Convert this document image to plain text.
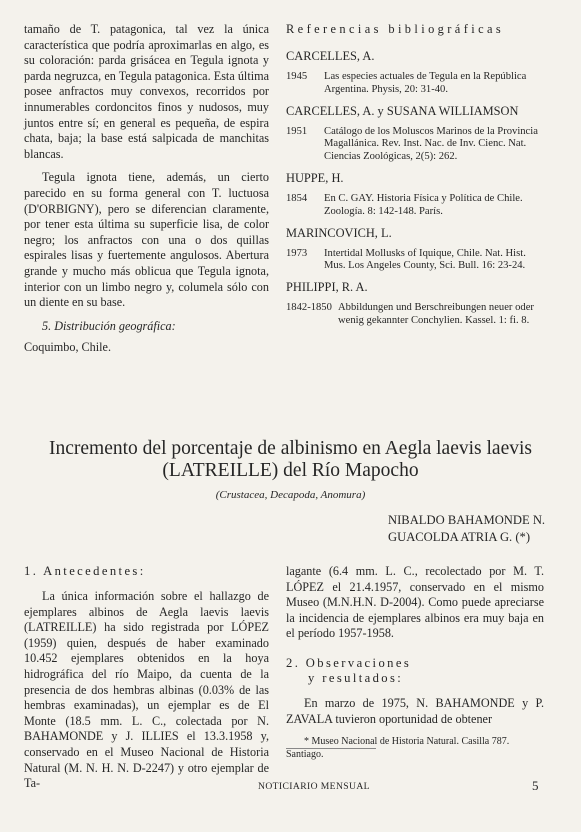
tamaño de T. patagonica, tal vez la única característica que podría aproximarlas en algo, es su coloración: parda grisácea en Tegula ignota y parda negruzca, en Tegula patagonica. Esta última posee anfractos muy convexos, recorridos por innumerables cordoncitos finos y nudosos, muy juntos entre sí; en general es pequeña, de espira chata, baja; la base está salpicada de manchitas blancas.

Tegula ignota tiene, además, un cierto parecido en su forma general con T. luctuosa (D'ORBIGNY), pero se diferencian claramente, por tener esta última su superficie lisa, de color negro; los anfractos con una o dos quillas espirales lisas y fuertemente angulosos. Abertura grande y mucho más oblicua que Tegula ignota, interior con un limbo negro y, columela sólo con un diente en su base.

5. Distribución geográfica:

Coquimbo, Chile.

Referencias bibliográficas

CARCELLES, A.

1945	Las especies actuales de Tegula en la República Argentina. Physis, 20: 31-40.

CARCELLES, A. y SUSANA WILLIAMSON

1951	Catálogo de los Moluscos Marinos de la Provincia Magallánica. Rev. Inst. Nac. de Inv. Cienc. Nat. Ciencias Zoológicas, 2(5): 262.

HUPPE, H.

1854	En C. GAY. Historia Física y Política de Chile. Zoología. 8: 142-148. París.

MARINCOVICH, L.

1973	Intertidal Mollusks of Iquique, Chile. Nat. Hist. Mus. Los Angeles County, Sci. Bull. 16: 23-24.

PHILIPPI, R. A.

1842-1850 Abbildungen und Berschreibungen neuer oder wenig gekannter Conchylien. Kassel. 1: fi. 8.

Incremento del porcentaje de albinismo en Aegla laevis laevis

(LATREILLE) del Río Mapocho

(Crustacea, Decapoda, Anomura)

NIBALDO BAHAMONDE N.
GUACOLDA ATRIA G. (*)

1. Antecedentes:

La única información sobre el hallazgo de ejemplares albinos de Aegla laevis laevis (LATREILLE) ha sido registrada por LÓPEZ (1959) quien, después de haber examinado 10.452 ejemplares obtenidos en la hoya hidrográfica del río Maipo, da cuenta de la presencia de dos hembras albinas (0.03% de las hembras examinadas), un ejemplar es de El Monte (18.5 mm. L. C., colectada por N. BAHAMONDE y J. ILLIES el 13.3.1958 y, conservado en el Museo Nacional de Historia Natural (M. N. H. N. D-2247) y otro ejemplar de Ta-

lagante (6.4 mm. L. C., recolectado por M. T. LÓPEZ el 21.4.1957, conservado en el mismo Museo (M.N.H.N. D-2004). Como puede apreciarse la incidencia de ejemplares albinos era muy baja en el período 1957-1958.

2. Observaciones

y resultados:

En marzo de 1975, N. BAHAMONDE y P. ZAVALA tuvieron oportunidad de obtener

* Museo Nacional de Historia Natural. Casilla 787. Santiago.

NOTICIARIO MENSUAL	5
